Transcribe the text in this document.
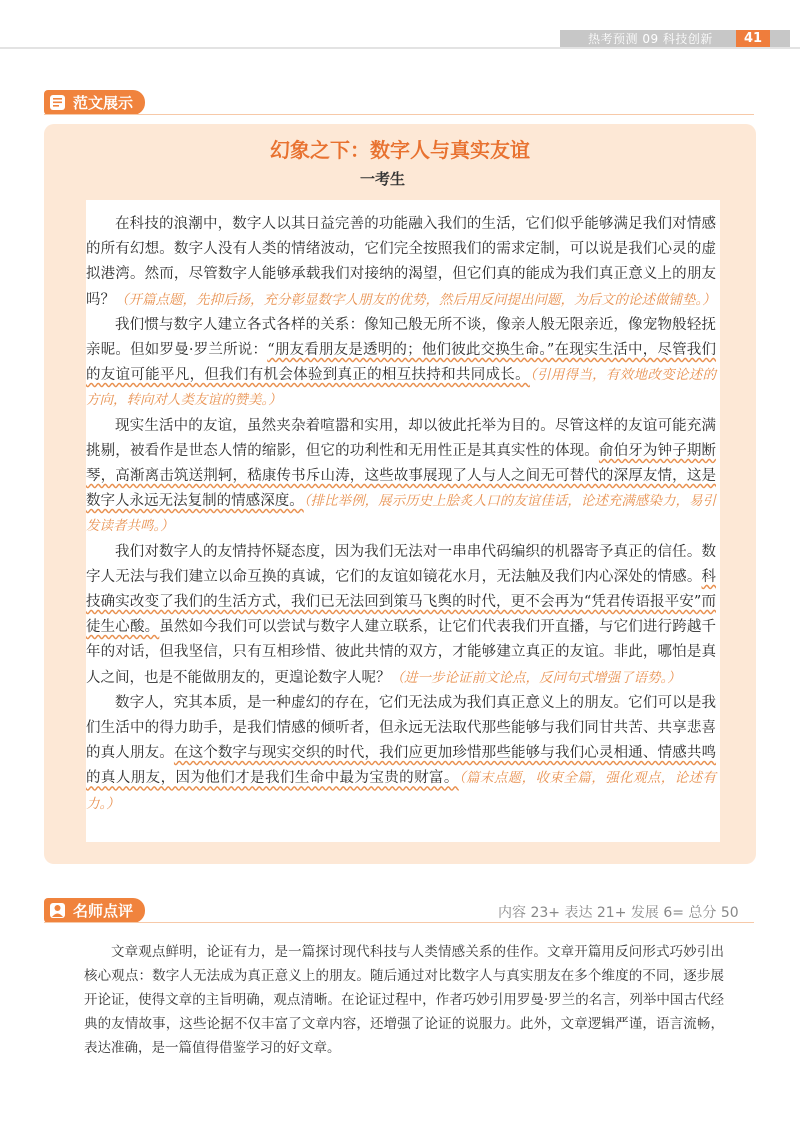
热考预测 09 科技创新	41
范文展示
幻象之下：数字人与真实友谊
一考生

在科技的浪潮中，数字人以其日益完善的功能融入我们的生活，它们似乎能够满足我们对情感的所有幻想。数字人没有人类的情绪波动，它们完全按照我们的需求定制，可以说是我们心灵的虚拟港湾。然而，尽管数字人能够承载我们对接纳的渴望，但它们真的能成为我们真正意义上的朋友吗？（开篇点题，先抑后扬，充分彰显数字人朋友的优势，然后用反问提出问题，为后文的论述做铺垫。）

我们惯与数字人建立各式各样的关系：像知己般无所不谈，像亲人般无限亲近，像宠物般轻抚亲昵。但如罗曼·罗兰所说：“朋友看朋友是透明的；他们彼此交换生命。”在现实生活中，尽管我们的友谊可能平凡，但我们有机会体验到真正的相互扶持和共同成长。（引用得当，有效地改变论述的方向，转向对人类友谊的赞美。）

现实生活中的友谊，虽然夹杂着喧嚣和实用，却以彼此托举为目的。尽管这样的友谊可能充满挑剔，被看作是世态人情的缩影，但它的功利性和无用性正是其真实性的体现。俞伯牙为钟子期断琴，高渐离击筑送荆轲，嵇康传书斥山涛，这些故事展现了人与人之间无可替代的深厚友情，这是数字人永远无法复制的情感深度。（排比举例，展示历史上脍炙人口的友谊佳话，论述充满感染力，易引发读者共鸣。）

我们对数字人的友情持怀疑态度，因为我们无法对一串串代码编织的机器寄予真正的信任。数字人无法与我们建立以命互换的真诚，它们的友谊如镜花水月，无法触及我们内心深处的情感。科技确实改变了我们的生活方式，我们已无法回到策马飞舆的时代，更不会再为“凭君传语报平安”而徒生心酸。虽然如今我们可以尝试与数字人建立联系，让它们代表我们开直播，与它们进行跨越千年的对话，但我坚信，只有互相珍惜、彼此共情的双方，才能够建立真正的友谊。非此，哪怕是真人之间，也是不能做朋友的，更遑论数字人呢？（进一步论证前文论点，反问句式增强了语势。）

数字人，究其本质，是一种虚幻的存在，它们无法成为我们真正意义上的朋友。它们可以是我们生活中的得力助手，是我们情感的倾听者，但永远无法取代那些能够与我们同甘共苦、共享悲喜的真人朋友。在这个数字与现实交织的时代，我们应更加珍惜那些能够与我们心灵相通、情感共鸣的真人朋友，因为他们才是我们生命中最为宝贵的财富。（篇末点题，收束全篇，强化观点，论述有力。）

名师点评	内容 23+ 表达 21+ 发展 6= 总分 50

文章观点鲜明，论证有力，是一篇探讨现代科技与人类情感关系的佳作。文章开篇用反问形式巧妙引出核心观点：数字人无法成为真正意义上的朋友。随后通过对比数字人与真实朋友在多个维度的不同，逐步展开论证，使得文章的主旨明确，观点清晰。在论证过程中，作者巧妙引用罗曼·罗兰的名言，列举中国古代经典的友情故事，这些论据不仅丰富了文章内容，还增强了论证的说服力。此外，文章逻辑严谨，语言流畅，表达准确，是一篇值得借鉴学习的好文章。
